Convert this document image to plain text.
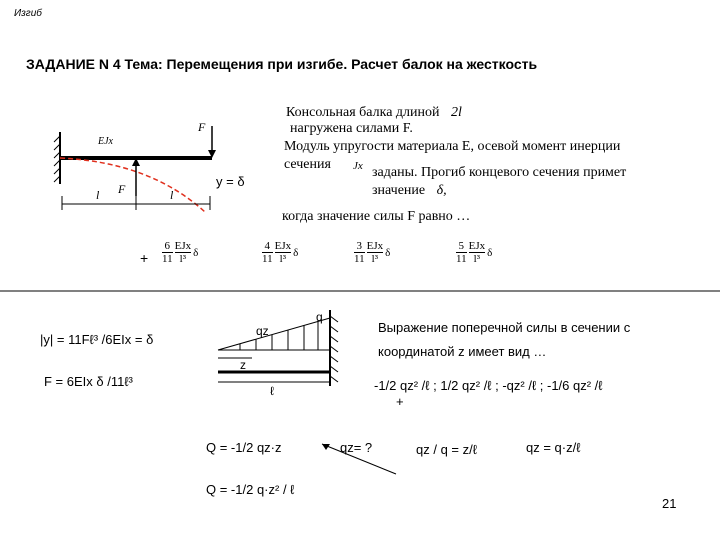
Изгиб
ЗАДАНИЕ N 4 Тема: Перемещения при изгибе. Расчет балок на жесткость
Консольная балка длиной 2l
нагружена силами F.
Модуль упругости материала E, осевой момент инерции
сечения Jx заданы. Прогиб концевого сечения примет
значение δ,
когда значение силы F равно …
F
F
EJx
l	l
y = δ
+ $\frac{6}{11} \frac{\text{EJx}}{\text{l³}}$ δ	$\frac{4}{11} \frac{\text{EJx}}{\text{l³}}$ δ	$\frac{3}{11} \frac{\text{EJx}}{\text{l³}}$ δ	$\frac{5}{11} \frac{\text{EJx}}{\text{l³}}$ δ
|y| = 11Fℓ³ /6EIx = δ
F = 6EIx δ /11ℓ³
q
qz
z
ℓ
Выражение поперечной силы в сечении с
координатой z имеет вид …
-1/2 qz² /ℓ ; 1/2 qz² /ℓ ; -qz² /ℓ ; -1/6 qz² /ℓ
+
Q = -1/2 qz·z	qz= ?	qz / q = z/ℓ	qz = q·z/ℓ
Q = -1/2 q·z² / ℓ
21
